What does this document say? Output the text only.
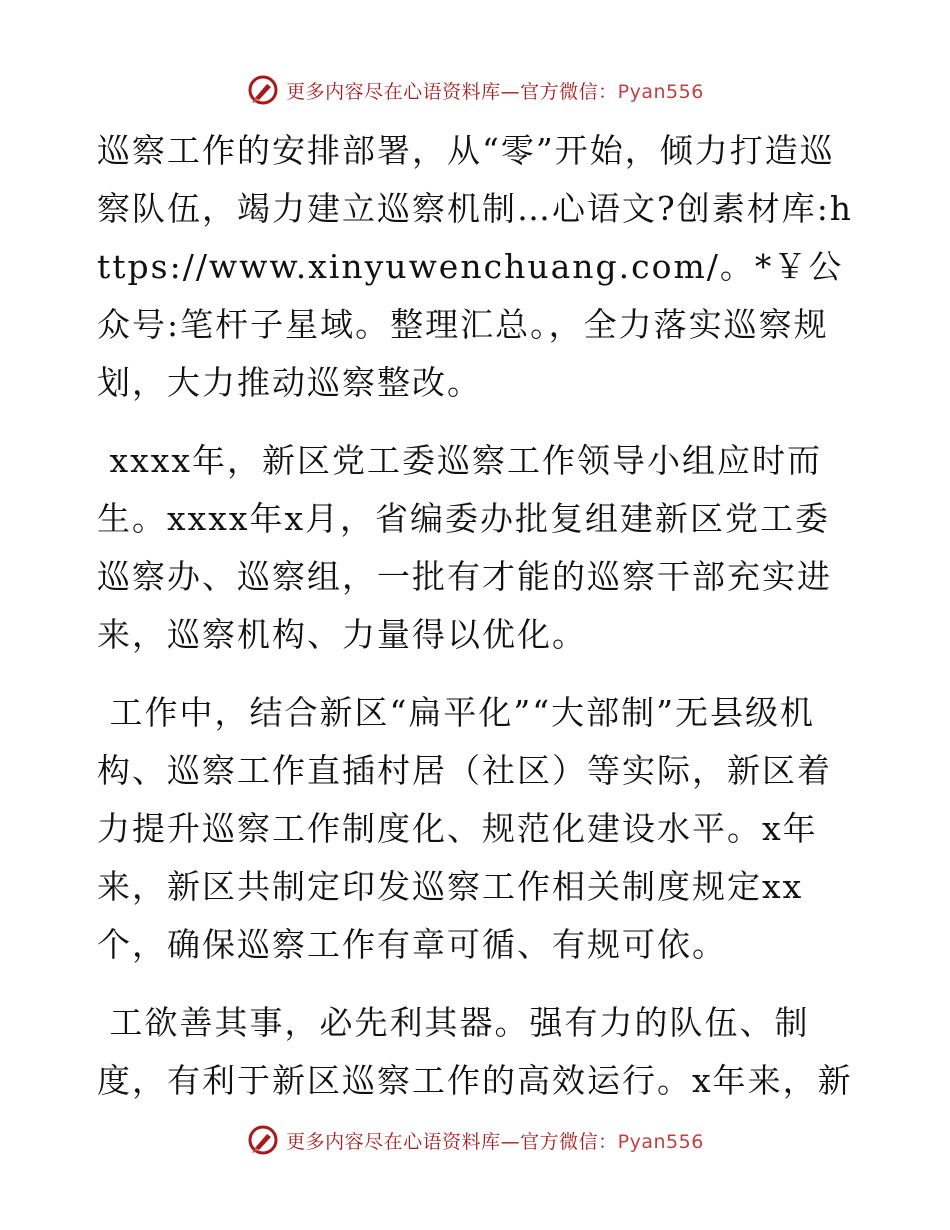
更多内容尽在心语资料库—官方微信：Pyan556

巡察工作的安排部署，从“零”开始，倾力打造巡察队伍，竭力建立巡察机制…心语文?创素材库:https://www.xinyuwenchuang.com/。*￥公众号:笔杆子星域。整理汇总。，全力落实巡察规划，大力推动巡察整改。

xxxx年，新区党工委巡察工作领导小组应时而生。xxxx年x月，省编委办批复组建新区党工委巡察办、巡察组，一批有才能的巡察干部充实进来，巡察机构、力量得以优化。

工作中，结合新区“扁平化”“大部制”无县级机构、巡察工作直插村居（社区）等实际，新区着力提升巡察工作制度化、规范化建设水平。x年来，新区共制定印发巡察工作相关制度规定xx个，确保巡察工作有章可循、有规可依。

工欲善其事，必先利其器。强有力的队伍、制度，有利于新区巡察工作的高效运行。x年来，新

更多内容尽在心语资料库—官方微信：Pyan556
